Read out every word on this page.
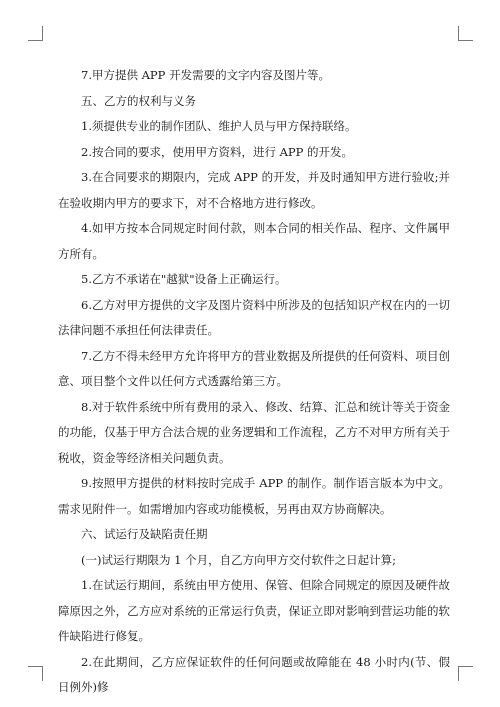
7.甲方提供 APP 开发需要的文字内容及图片等。

五、乙方的权利与义务

1.须提供专业的制作团队、维护人员与甲方保持联络。

2.按合同的要求，使用甲方资料，进行 APP 的开发。

3.在合同要求的期限内，完成 APP 的开发，并及时通知甲方进行验收;并在验收期内甲方的要求下，对不合格地方进行修改。

4.如甲方按本合同规定时间付款，则本合同的相关作品、程序、文件属甲方所有。

5.乙方不承诺在"越狱"设备上正确运行。

6.乙方对甲方提供的文字及图片资料中所涉及的包括知识产权在内的一切法律问题不承担任何法律责任。

7.乙方不得未经甲方允许将甲方的营业数据及所提供的任何资料、项目创意、项目整个文件以任何方式透露给第三方。

8.对于软件系统中所有费用的录入、修改、结算、汇总和统计等关于资金的功能，仅基于甲方合法合规的业务逻辑和工作流程，乙方不对甲方所有关于税收，资金等经济相关问题负责。

9.按照甲方提供的材料按时完成手 APP 的制作。制作语言版本为中文。需求见附件一。如需增加内容或功能模板，另再由双方协商解决。

六、试运行及缺陷责任期

(一)试运行期限为 1 个月，自乙方向甲方交付软件之日起计算;

1.在试运行期间，系统由甲方使用、保管、但除合同规定的原因及硬件故障原因之外，乙方应对系统的正常运行负责，保证立即对影响到营运功能的软件缺陷进行修复。

2.在此期间，乙方应保证软件的任何问题或故障能在 48 小时内(节、假日例外)修
